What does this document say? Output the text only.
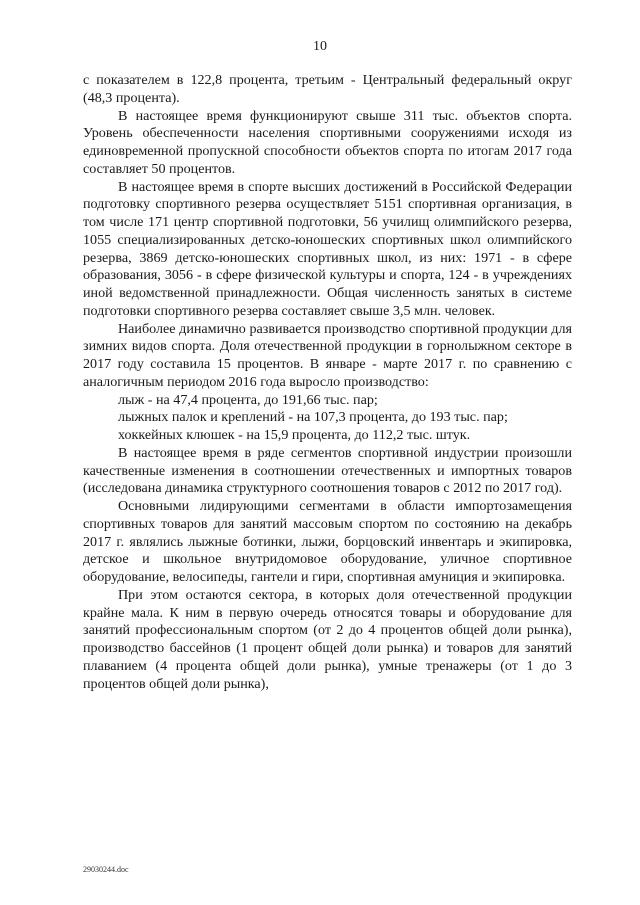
10

с показателем в 122,8 процента, третьим - Центральный федеральный округ (48,3 процента).

В настоящее время функционируют свыше 311 тыс. объектов спорта. Уровень обеспеченности населения спортивными сооружениями исходя из единовременной пропускной способности объектов спорта по итогам 2017 года составляет 50 процентов.

В настоящее время в спорте высших достижений в Российской Федерации подготовку спортивного резерва осуществляет 5151 спортивная организация, в том числе 171 центр спортивной подготовки, 56 училищ олимпийского резерва, 1055 специализированных детско-юношеских спортивных школ олимпийского резерва, 3869 детско-юношеских спортивных школ, из них: 1971 - в сфере образования, 3056 - в сфере физической культуры и спорта, 124 - в учреждениях иной ведомственной принадлежности. Общая численность занятых в системе подготовки спортивного резерва составляет свыше 3,5 млн. человек.

Наиболее динамично развивается производство спортивной продукции для зимних видов спорта. Доля отечественной продукции в горнолыжном секторе в 2017 году составила 15 процентов. В январе - марте 2017 г. по сравнению с аналогичным периодом 2016 года выросло производство:

лыж - на 47,4 процента, до 191,66 тыс. пар;

лыжных палок и креплений - на 107,3 процента, до 193 тыс. пар;

хоккейных клюшек - на 15,9 процента, до 112,2 тыс. штук.

В настоящее время в ряде сегментов спортивной индустрии произошли качественные изменения в соотношении отечественных и импортных товаров (исследована динамика структурного соотношения товаров с 2012 по 2017 год).

Основными лидирующими сегментами в области импортозамещения спортивных товаров для занятий массовым спортом по состоянию на декабрь 2017 г. являлись лыжные ботинки, лыжи, борцовский инвентарь и экипировка, детское и школьное внутридомовое оборудование, уличное спортивное оборудование, велосипеды, гантели и гири, спортивная амуниция и экипировка.

При этом остаются сектора, в которых доля отечественной продукции крайне мала. К ним в первую очередь относятся товары и оборудование для занятий профессиональным спортом (от 2 до 4 процентов общей доли рынка), производство бассейнов (1 процент общей доли рынка) и товаров для занятий плаванием (4 процента общей доли рынка), умные тренажеры (от 1 до 3 процентов общей доли рынка),

29030244.doc
